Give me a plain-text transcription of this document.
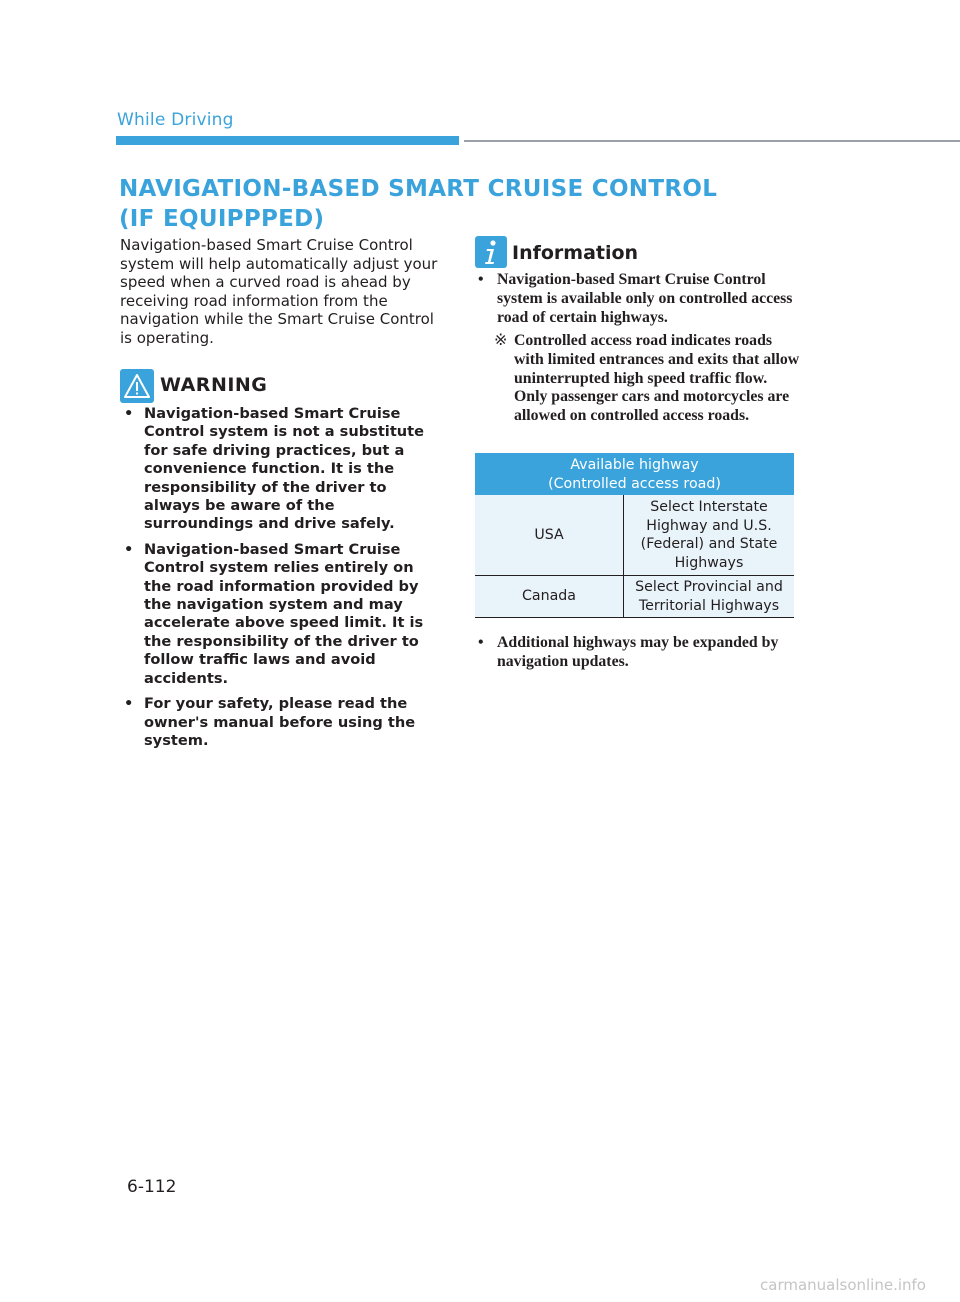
While Driving
NAVIGATION-BASED SMART CRUISE CONTROL
(IF EQUIPPPED)

Navigation-based Smart Cruise Control system will help automatically adjust your speed when a curved road is ahead by receiving road information from the navigation while the Smart Cruise Control is operating.

WARNING
• Navigation-based Smart Cruise Control system is not a substitute for safe driving practices, but a convenience function. It is the responsibility of the driver to always be aware of the surroundings and drive safely.
• Navigation-based Smart Cruise Control system relies entirely on the road information provided by the navigation system and may accelerate above speed limit. It is the responsibility of the driver to follow traffic laws and avoid accidents.
• For your safety, please read the owner's manual before using the system.
Information
• Navigation-based Smart Cruise Control system is available only on controlled access road of certain highways.

※ Controlled access road indicates roads with limited entrances and exits that allow uninterrupted high speed traffic flow. Only passenger cars and motorcycles are allowed on controlled access roads.

Available highway
(Controlled access road)	

USA	Select Interstate Highway and U.S. (Federal) and State Highways
Canada	Select Provincial and Territorial Highways
• Additional highways may be expanded by navigation updates.
6-112
carmanualsonline.info
